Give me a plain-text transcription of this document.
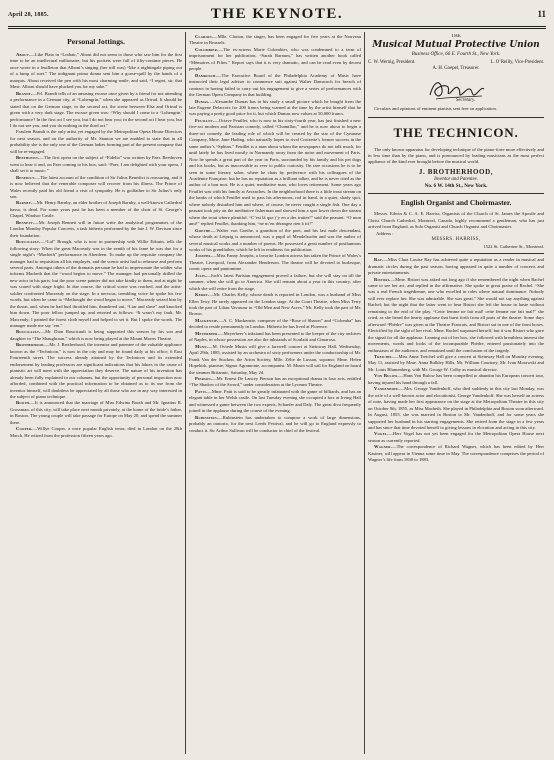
April 28, 1885.	THE KEYNOTE.	11
Personal Jottings.

About.—Like Plato in “Lothair,” About did not seem to those who saw him for the first time to be an intellectual millionaire, but his pockets were full of fifty-centime pieces. He once wrote in a feuilleton that Alboni’s singing (her trill was) “like a nightingale piping out of a lump of suet.” The indignant prima donna sent him a goose-quill by the hands of a marquis. About received the pen with his most charming smile, and said, “I regret, sir, that Mme. Alboni should have plucked you for my sake.”

Brandt.—Frl. Brandt tells of an amusing excuse once given by a friend for not attending a performance in a German city, of “Lohengrin,” when she appeared as Ortrud. It should be stated that on the German stage, in the second act, the scene between Elsa and Ortrud is given with a very dark stage. The excuse given was: “Why should I come to a ‘Lohengrin’ performance? In the first act I see you, but I do not hear you; in the second act I hear you, but I do not see you, and you do nothing in the third act.”

Fraulein Brandt is the only artist yet engaged by the Metropolitan Opera House Directors for next season, and on the authority of Mr. Stanton we are enabled to state that in all probability she is the only one of the German ladies forming part of the present company that will be re-engaged.

Beethoven.—The first opera on the subject of “Fidelio” was written by Paer. Beethoven went to hear it and, on Paer coming to his box, said: “Paer, I am delighted with your opera, I shall set it to music.”

Benedict.—The latest account of the condition of Sir Julius Benedict is reassuring, and it is now believed that the venerable composer will recover from his illness. The Prince of Wales recently paid his old friend a visit of sympathy. He is godfather to Sir Julius’s only son.

Barnby.—Mr. Henry Barnby, an elder brother of Joseph Barnby, a well-known Cathedral basso, is dead. For some years past he has been a member of the choir of St. George’s Chapel, Windsor Castle.

Bennett.—Mr. Joseph Bennett will in future write the analytical programmes of the London Monday Popular Concerts, a task hitherto performed by the late J. W. Davison since their foundation.

Boucicault.—“Lal” Brough, who is now in partnership with Willie Edouin, tells the following story: When the great Macready was in the zenith of his fame he was due for a single night’s “Macbeth” performance in Aberdeen. To make up the requisite company the manager had to requisition all his employés, and the scenic artist had to rehearse and perform several parts. Amongst others of the dramatis personæ he had to impersonate the soldier who informs Macbeth that the “wood begins to move.” The manager had personally drilled the new actor in his parts, but the poor scene painter did not take kindly to them, and at night he was scared with stage fright. In due course, the critical scene was reached, and the artist-soldier confronted Macready on the stage. In a nervous, trembling voice he spoke his few words, but when he came to “Methought the wood began to move,” Macready seized him by the throat, and, when he had hurl throttled him, thundered out, “Liar and slave” and knocked him down. The poor fellow jumped up, and retorted as follows: “It wasn’t my fault, Mr. Macready; I painted the forest cloth myself and helped to set it. But I spoke the words. The manager made me say ’em.”

Boucicault.—Mr. Dion Boucicault is being supported this season by his son and daughter in “The Shaughraun,” which is now being played at the Mount Morris Theatre.

Brotherhood.—Mr. J. Brotherhood, the inventor and patentee of the valuable appliance known as the “Technicon,” is now in the city and may be found daily at his office, 6 East Fourteenth street. The success already attained by the Technicon and its extended endorsement by leading professors are significant indications that his labors in the cause of pianistic art will meet with the appreciation they deserve. The nature of his invention has already been fully explained in our columns, but the opportunity of personal inspection now afforded, combined with the practical information to be obtained as to its use from the inventor himself, will doubtless be appreciated by all those who are in any way interested in the subject of piano technique.

Booth.—It is announced that the marriage of Miss Edwina Booth and Mr. Ignatius R. Grossman, of this city, will take place next month privately, at the home of the bride’s father, in Boston. The young couple will take passage for Europe on May 20, and spend the summer there.

Cooper.—Willye Cooper, a once popular English tenor, died in London on the 28th March. He retired from the profession fifteen years ago.

Clarion.—Mlle. Clarion, the singer, has been engaged for five years at the Nouveau Theatre in Brussels.

Colombier.—The ex-actress Marie Colombier, who was condemned to a term of imprisonment for her publication, “Sarah Barnum,” has written another book called “Mémoires of Fifies.” Report says that it is very dramatic, and can be read even by decent people.

Damrosch.—The Executive Board of the Philadelphia Academy of Music have instructed their legal adviser to commence suit against Walter Damrosch for breach of contract in having failed to carry out his engagement to give a series of performances with the German Opera Company in that building.

Dumas.—Alexandre Dumas has in his study a small picture which he bought from the late Eugene Delacroix for 200 francs being warned at the time by the artist himself that he was paying a pretty good price for it, but which Dumas now values at 50,000 francs.

Feuillet.—Octave Feuillet, who is now in his sixty-fourth year, has just finished a new five-act modern and Parisian comedy, called “Chamillac,” and he is now about to begin a three-act comedy, the leading role of which will be created by the star of the Gymnase Company, Mme. Jane Hading, who naturally hopes to rival Croizette’s former success in the same author’s “Sphinx.” Feuillet is a man about whom the newspapers do not talk much, for until lately he has lived mostly in Normandy away from the noise and movement of Paris. Now he spends a great part of the year in Paris, surrounded by his family and his pet dogs and his books, but as inaccessible as ever to public curiosity. On rare occasions he is to be seen in some literary salon, where he chats by preference with his colleagues of the Académie Française; but he has no reputation as a brilliant talker, and he is never cited as the author of a bon mot. He is a quiet, meditative man, who loves retirement. Some years ago Feuillet was with his family at Avranches. In the neighborhood there is a little trout stream on the banks of which Feuillet used to pass his afternoons, rod in hand, in a quiet, shady spot, where nobody disturbed him and where, of course, he never caught a single fish. One day a peasant took pity on the meditative fisherman and showed him a spot lower down the stream where the trout where plentiful. “C’est là que j’y en a des truites!” said the peasant. “O mon ami!” replied Feuillet, thanking him, “ne m’en dérangez rien à ici!”

Goethe.—Walter von Goethe, a grandson of the poet, and his last male descendant, whose death at Leipzig is announced, was a pupil of Mendelssohn and was the author of several musical works and a number of poems. He possessed a great number of posthumous works of his grandfather, which he left in readiness for publication.

Josephs.—Miss Fanny Josephs, a favorite London actress has taken the Prince of Wales’s Theatre, Liverpool, from Alexander Henderson. The theatre will be devoted to burlesque, comic opera and pantomime.

Juch.—Juch’s latest Parisian engagement proved a failure, but she will stay on till the summer, when she will go to America. She will remain about a year in this country, after which she will retire from the stage.

Kerry.—Mr. Charles Kelly, whose death is reported in London, was a husband of Miss Ellen Terry. He rarely appeared on the London stage. At the Court Theatre, when Miss Terry took the part of Lilian Vavasour in “Old Men and New Acres,” Mr. Kelly took the part of Mr. Brown.

Mackenzie.—A. C. Mackenzie, composer of the “Rose of Sharon” and “Colomba” has decided to reside permanently in London. Hitherto he has lived at Florence.

Meyerbeer.—Meyerbeer’s inkstand has been presented to the keeper of the city archives of Naples, in whose possession are also the inkstands of Scarlatti and Cimarosa.

Munn.—M. Oviede Musin will give a farewell concert at Steinway Hall, Wednesday, April 29th, 1885, assisted by an orchestra of sixty performers under the conductorship of Mr. Frank Van der Stucken, the Arion Society, Mlle. Zélie de Lussan, soprano; Mme. Helen Hopekirk, pianiste; Signor Agramonte, accompanist. M. Musin will sail for England on board the steamer Britannic, Saturday, May 2d.

Pierson.—Mr. Ernest De Lancey Pierson has an exceptional drama in four acts, entitled “The Shadow of the Sword,” under consideration at the Lyceum Theatre.

Patti.—Mme. Patti is said to be greatly infatuated with the game of billiards, and has an elegant table in her Welsh castle. On last Tuesday evening she occupied a box at Irving Hall and witnessed a game between the two experts, Schaefer and Daly. The great diva frequently joined in the applause during the course of the evening.

Rubinstein.—Rubinstein has undertaken to compose a work of large dimensions, probably an oratorio, for the next Leeds Festival, and he will go to England expressly to conduct it. Sir Arthur Sullivan will be conductor in chief of the festival.

THE
Musical Mutual Protective Union
Business Office, 66 E. Fourth St., New York.
C. W. Wernig, President.	L. O’Reilly, Vice-President.
A. H. Goepel, Treasurer.
Secretary.

Circulars and opinions of eminent pianists sent free on application.

THE TECHNICON.

The only known apparatus for developing technique of the piano-forte more effectively and in less time than by the piano, and is pronounced by leading musicians as the most perfect appliance of the kind ever brought before the musical world.

J. BROTHERHOOD,
Inventor and Patentee.
No. 6 W. 14th St., New York.
English Organist and Choirmaster.

Messrs. Edwin & C. A. E. Harriss, Organists of the Church of St. James the Apostle and Christ Church Cathedral, Montreal, Canada, highly recommend a gentleman, who has just arrived from England, as Solo Organist and Church Organist and Choirmaster.

Address :
MESSRS. HARRISS,
1522 St. Catherine St., Montreal.

Ray.—Miss Clara Louise Ray has achieved quite a reputation as a reader in musical and dramatic circles during the past season, having appeared in quite a number of concerts and private entertainments.

Ristori.—Mme. Ristori was asked not long ago if she remembered the night when Rachel came to see her act, and replied in the affirmative. She spoke in great praise of Rachel. “She was a real French tragédienne, one who excelled in roles where natural dominance. Nobody will ever replace her. She was admirable. She was great.” She would not say anything against Rachel; but the night that the latter went to hear Ristori she left the house in haste without remaining to the end of the play. “Cette femme ne fait mal! cette femme me fait mal!” she cried, as she heard the hearty applause that burst forth from all parts of the theatre. Some days afterward “Phèdre” was given at the Theatre Francais, and Ristori sat in one of the front boxes. Electrified by the sight of her rival, Mme. Rachel surpassed herself, but it was Ristori who gave the signal for all the applause. Leaning out of her box, she followed with breathless interest the movements, words and looks of the incomparable Phèdre, entered passionately into the enthusiasm of the audience, and remained until the conclusion of the tragedy.

Treichel.—Miss Anna Treichel will give a concert at Steinway Hall on Monday evening, May 11, assisted by Mme. Anna Bulkley Hills, Mr. William Courtney, Mr. Ivan Morawski and Mr. Louis Blumenberg, with Mr. George W. Colby as musical director.

Von Bulow.—Hans Von Bulow has been compelled to abandon his European concert tour, having injured his hand through a fall.

Vandenhoff.—Mrs. George Vandenhoff, who died suddenly in this city last Monday, was the wife of a well-known actor and elocutionist, George Vandenhoff. She was herself an actress of note, having made her first appearance on the stage at the Metropolitan Theatre in this city on October 9th, 1855, as Miss Macbeth. She played in Philadelphia and Boston soon afterward. In August, 1855, she was married in Boston to Mr. Vandenhoff, and for some years she supported her husband in his starring engagements. She retired from the stage in a few years and has since that time devoted herself to giving lessons in elocution and acting in this city.

Vogel.—Herr Vogel has not yet been engaged for the Metropolitan Opera House next season as currently reported.

Wagner.—The correspondence of Richard Wagner, which has been edited by Herr Kastner, will appear in Vienna some time in May. The correspondence comprises the period of Wagner’s life from 1830 to 1883.
